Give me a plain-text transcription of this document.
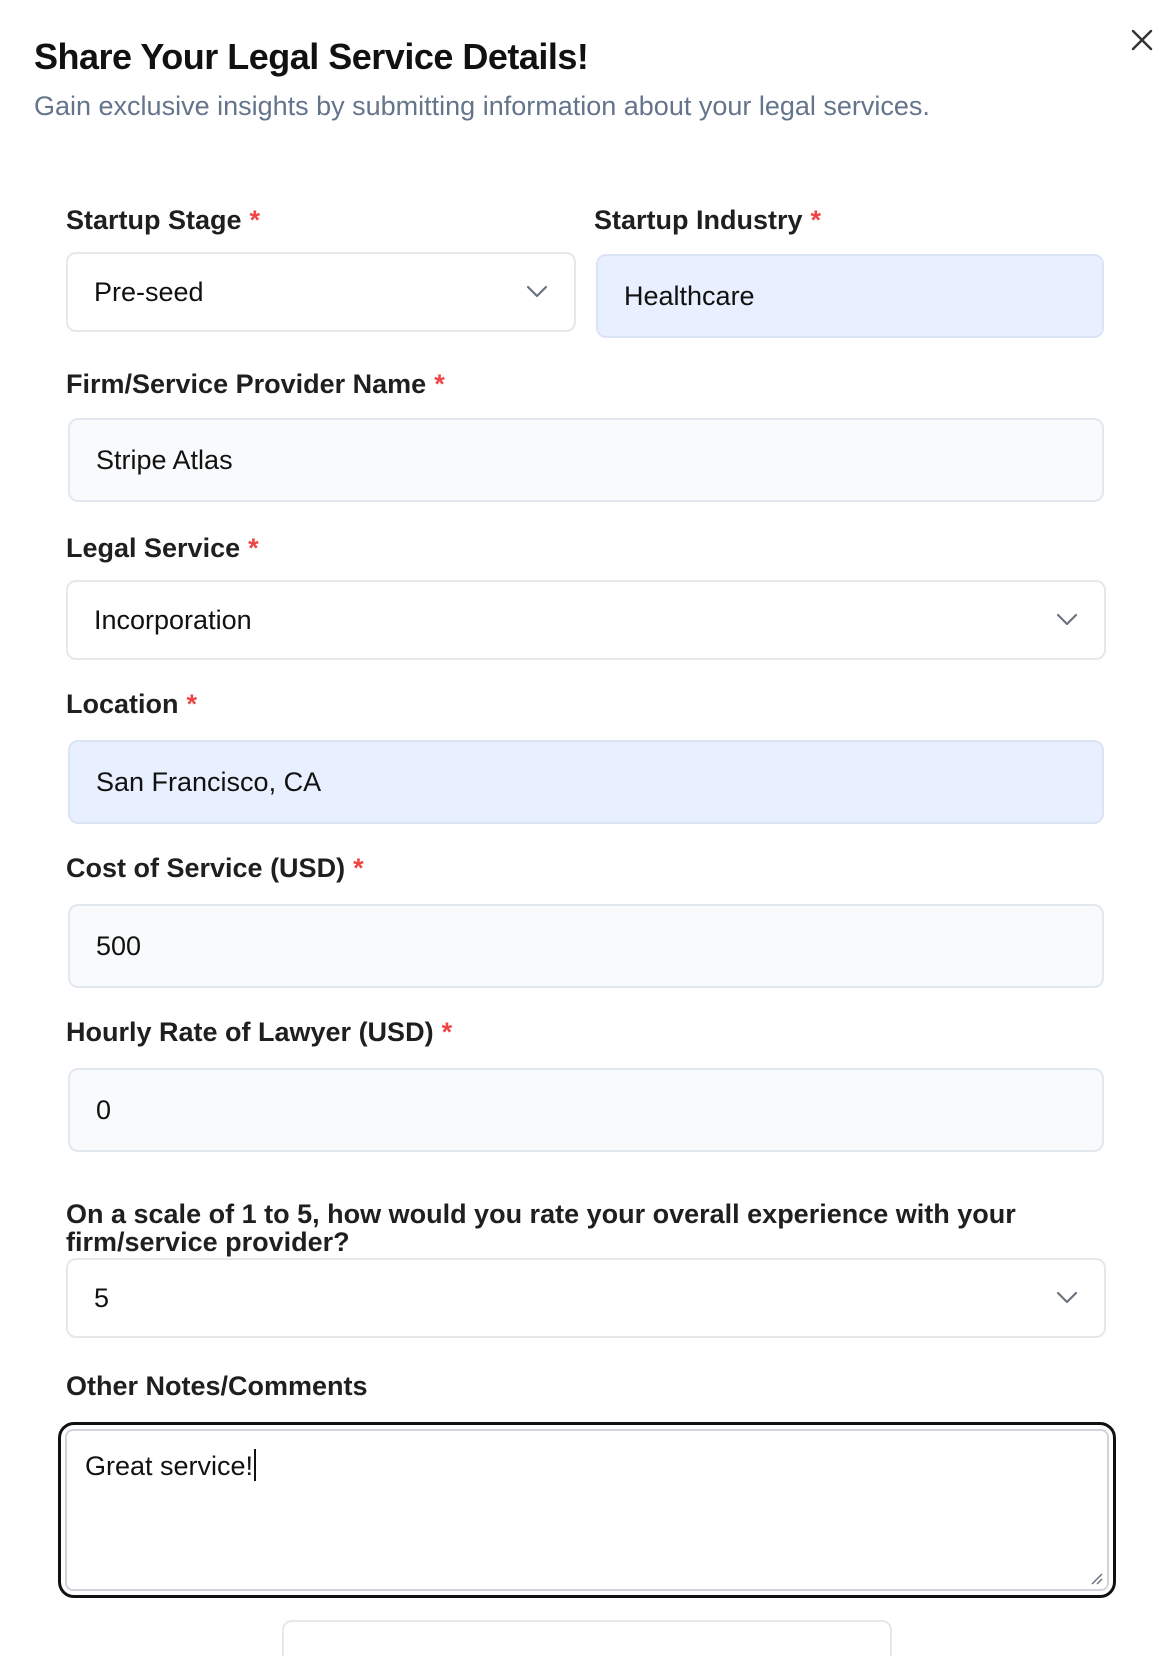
Share Your Legal Service Details!
Gain exclusive insights by submitting information about your legal services.
Startup Stage *
Pre-seed
Startup Industry *
Healthcare
Firm/Service Provider Name *
Stripe Atlas
Legal Service *
Incorporation
Location *
San Francisco, CA
Cost of Service (USD) *
500
Hourly Rate of Lawyer (USD) *
0
On a scale of 1 to 5, how would you rate your overall experience with your firm/service provider?
5
Other Notes/Comments
Great service!
